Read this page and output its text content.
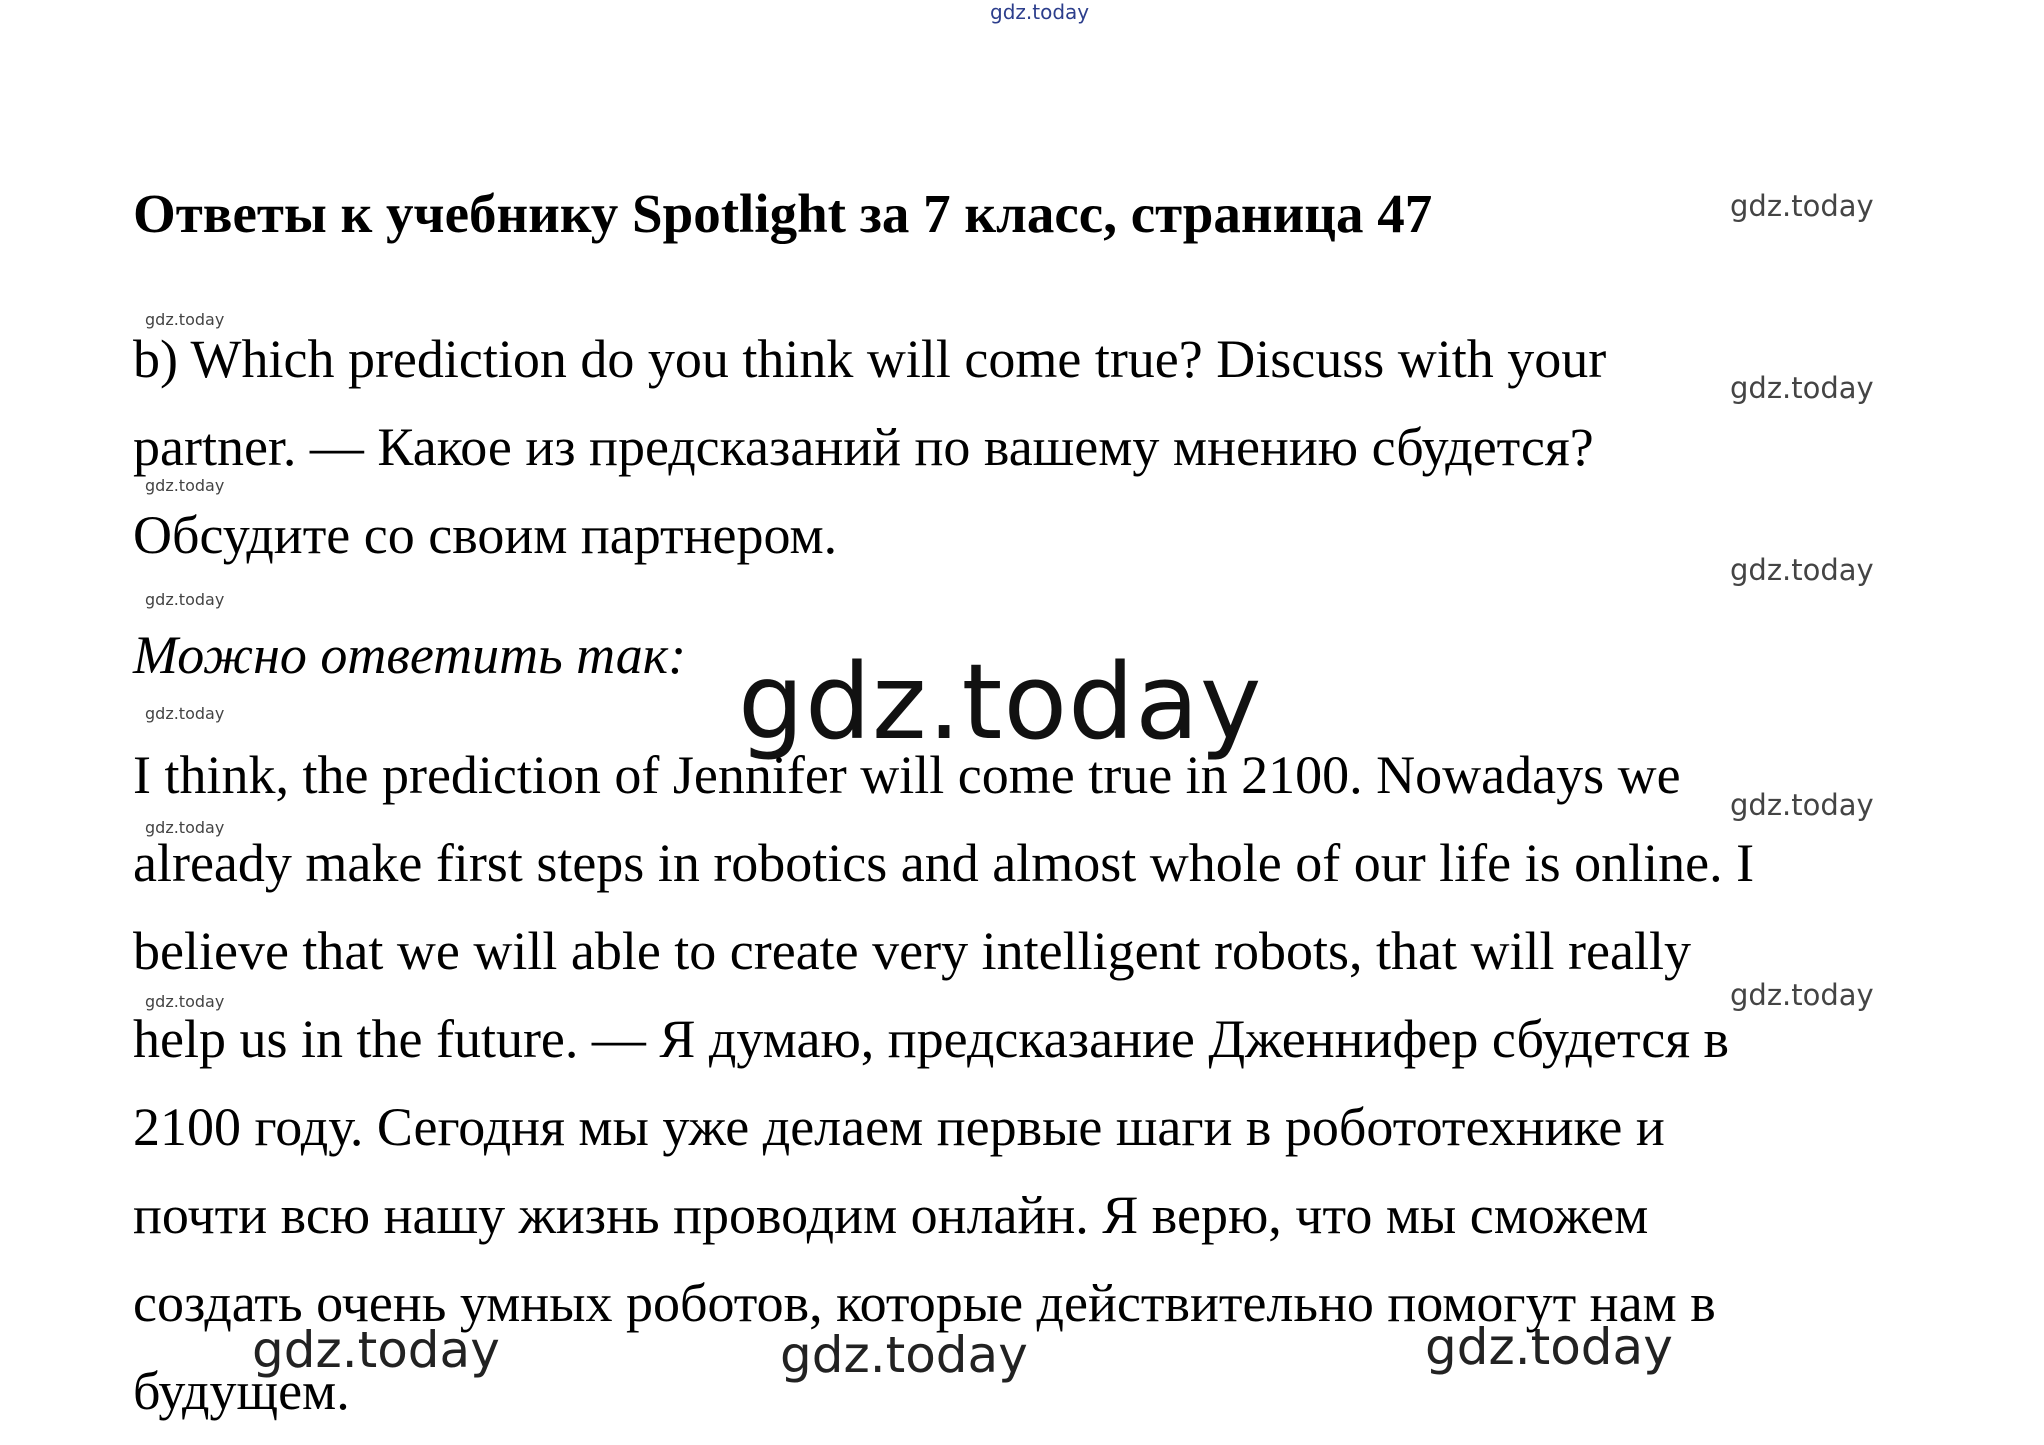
gdz.today
gdz.today
gdz.today
gdz.today
gdz.today
gdz.today
gdz.today
gdz.today
gdz.today
gdz.today
gdz.today
gdz.today
gdz.today
gdz.today	gdz.today	gdz.today
Ответы к учебнику Spotlight за 7 класс, страница 47
b) Which prediction do you think will come true? Discuss with your
partner. — Какое из предсказаний по вашему мнению сбудется?
Обсудите со своим партнером.
Можно ответить так:
I think, the prediction of Jennifer will come true in 2100. Nowadays we
already make first steps in robotics and almost whole of our life is online. I
believe that we will able to create very intelligent robots, that will really
help us in the future. — Я думаю, предсказание Дженнифер сбудется в
2100 году. Сегодня мы уже делаем первые шаги в робототехнике и
почти всю нашу жизнь проводим онлайн. Я верю, что мы сможем
создать очень умных роботов, которые действительно помогут нам в
будущем.
